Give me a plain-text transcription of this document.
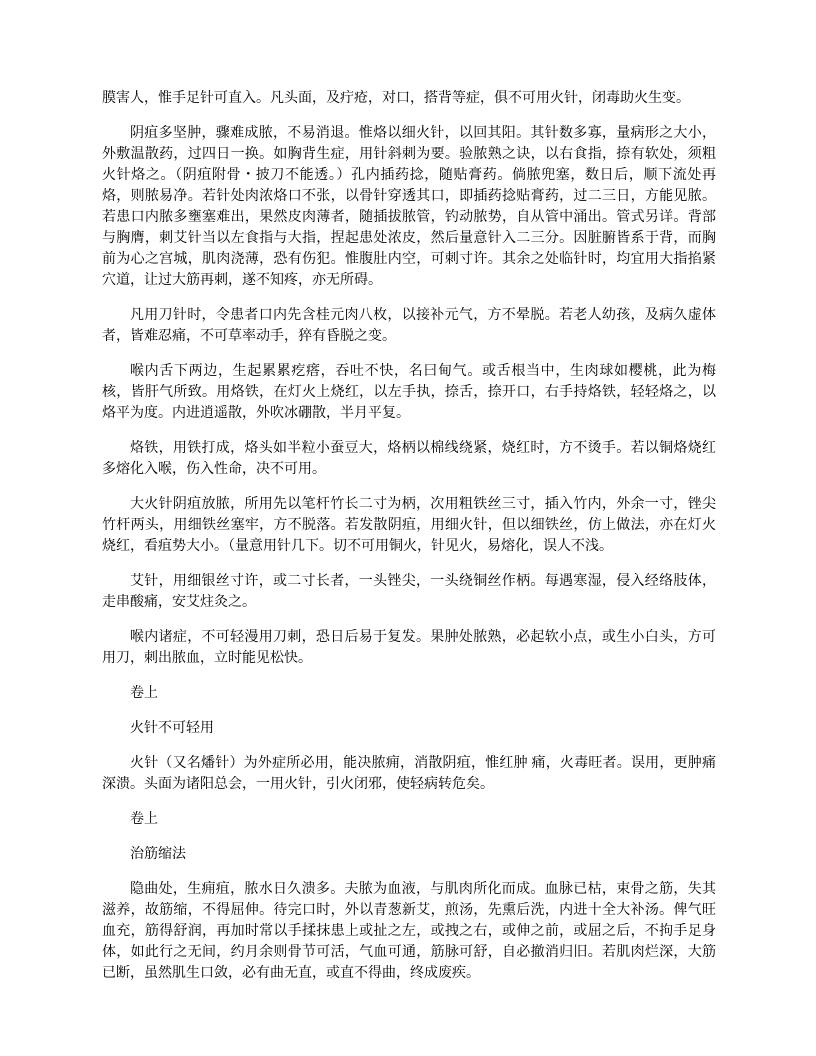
膜害人，惟手足针可直入。凡头面，及疔疮，对口，搭背等症，俱不可用火针，闭毒助火生变。
阴疽多坚肿，骤难成脓，不易消退。惟烙以细火针，以回其阳。其针数多寡，量病形之大小，外敷温散药，过四日一换。如胸背生症，用针斜刺为要。验脓熟之诀，以右食指，捺有软处，须粗火针烙之。（阴疽附骨・披刀不能透。）孔内插药捻，随贴膏药。倘脓兜塞，数日后，顺下流处再烙，则脓易净。若针处肉浓烙口不张，以骨针穿透其口，即插药捻贴膏药，过二三日，方能见脓。若患口内脓多壅塞难出，果然皮肉薄者，随插拔脓管，钓动脓势，自从管中涌出。管式另详。背部与胸膺，刺艾针当以左食指与大指，捏起患处浓皮，然后量意针入二三分。因脏腑皆系于背，而胸前为心之宫城，肌肉浇薄，恐有伤犯。惟腹肚内空，可刺寸许。其余之处临针时，均宜用大指掐紧穴道，让过大筋再刺，遂不知疼，亦无所碍。
凡用刀针时，令患者口内先含桂元肉八枚，以接补元气，方不晕脱。若老人幼孩，及病久虚体者，皆难忍痛，不可草率动手，猝有昏脱之变。
喉内舌下两边，生起累累疙瘩，吞吐不快，名曰甸气。或舌根当中，生肉球如樱桃，此为梅核，皆肝气所致。用烙铁，在灯火上烧红，以左手执，捺舌，捺开口，右手持烙铁，轻轻烙之，以烙平为度。内进逍遥散，外吹冰硼散，半月平复。
烙铁，用铁打成，烙头如半粒小蚕豆大，烙柄以棉线绕紧，烧红时，方不烫手。若以铜烙烧红多熔化入喉，伤入性命，决不可用。
大火针阴疽放脓，所用先以笔杆竹长二寸为柄，次用粗铁丝三寸，插入竹内，外余一寸，锉尖竹杆两头，用细铁丝塞牢，方不脱落。若发散阴疽，用细火针，但以细铁丝，仿上做法，亦在灯火烧红，看疽势大小。（量意用针几下。切不可用铜火，针见火，易熔化，误人不浅。
艾针，用细银丝寸许，或二寸长者，一头锉尖，一头绕铜丝作柄。每遇寒湿，侵入经络肢体，走串酸痛，安艾炷灸之。
喉内诸症，不可轻漫用刀刺，恐日后易于复发。果肿处脓熟，必起软小点，或生小白头，方可用刀，刺出脓血，立时能见松快。
卷上
火针不可轻用
火针（又名燔针）为外症所必用，能决脓痈，消散阴疽，惟红肿 痛，火毒旺者。误用，更肿痛深溃。头面为诸阳总会，一用火针，引火闭邪，使轻病转危矣。
卷上
治筋缩法
隐曲处，生痈疽，脓水日久溃多。夫脓为血液，与肌肉所化而成。血脉已枯，束骨之筋，失其滋养，故筋缩，不得屈伸。待完口时，外以青葱新艾，煎汤，先熏后洗，内进十全大补汤。俾气旺血充，筋得舒润，再加时常以手揉抹患上或扯之左，或拽之右，或伸之前，或屈之后，不拘手足身体，如此行之无间，约月余则骨节可活，气血可通，筋脉可舒，自必撤消归旧。若肌肉烂深，大筋已断，虽然肌生口敛，必有曲无直，或直不得曲，终成废疾。
